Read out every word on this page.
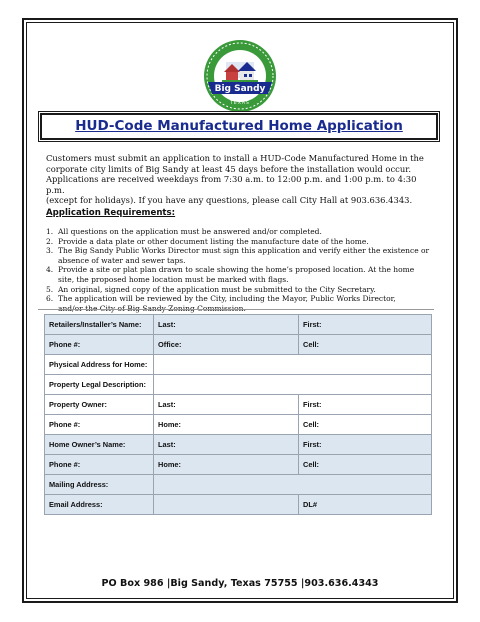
Big Sandy
TEXAS
HUD-Code Manufactured Home Application
Customers must submit an application to install a HUD-Code Manufactured Home in the
corporate city limits of Big Sandy at least 45 days before the installation would occur.
Applications are received weekdays from 7:30 a.m. to 12:00 p.m. and 1:00 p.m. to 4:30 p.m.
(except for holidays). If you have any questions, please call City Hall at 903.636.4343.
Application Requirements:
1. All questions on the application must be answered and/or completed.
2. Provide a data plate or other document listing the manufacture date of the home.
3. The Big Sandy Public Works Director must sign this application and verify either the existence or
absence of water and sewer taps.
4. Provide a site or plat plan drawn to scale showing the home’s proposed location. At the home
site, the proposed home location must be marked with flags.
5. An original, signed copy of the application must be submitted to the City Secretary.
6. The application will be reviewed by the City, including the Mayor, Public Works Director,
and/or the City of Big Sandy Zoning Commission.
Retailers/Installer’s Name:	Last:	First:
Phone #:	Office:	Cell:
Physical Address for Home:		
Property Legal Description:		
Property Owner:	Last:	First:
Phone #:	Home:	Cell:
Home Owner’s Name:	Last:	First:
Phone #:	Home:	Cell:
Mailing Address:		
Email Address:		DL#
PO Box 986 |Big Sandy, Texas 75755 |903.636.4343
